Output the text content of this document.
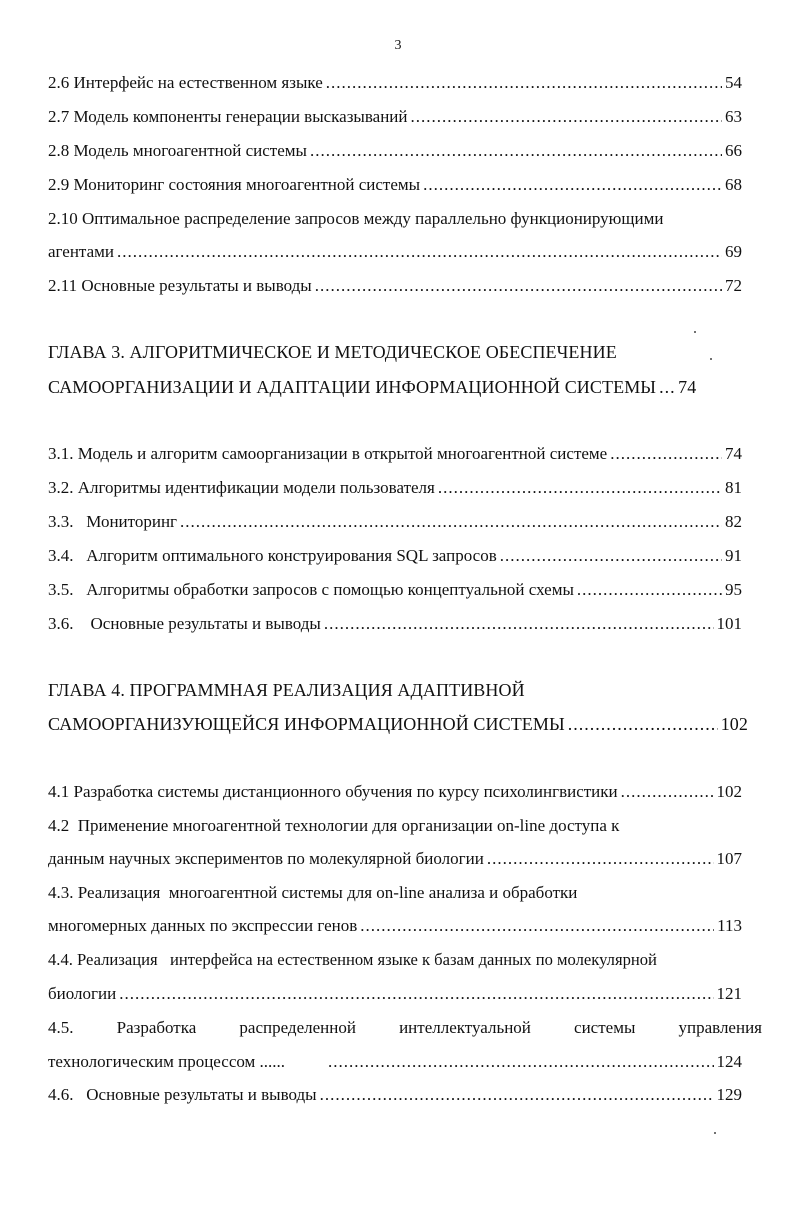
3
2.6 Интерфейс на естественном языке .....	54
2.7 Модель компоненты генерации высказываний .....	63
2.8 Модель многоагентной системы .....	66
2.9 Мониторинг состояния многоагентной системы .....	68
2.10 Оптимальное распределение запросов между параллельно функционирующими
агентами .....	69
2.11 Основные результаты и выводы .....	72
ГЛАВА 3. АЛГОРИТМИЧЕСКОЕ И МЕТОДИЧЕСКОЕ ОБЕСПЕЧЕНИЕ
САМООРГАНИЗАЦИИ И АДАПТАЦИИ ИНФОРМАЦИОННОЙ СИСТЕМЫ ..... 74
3.1. Модель и алгоритм самоорганизации в открытой многоагентной системе .....	74
3.2. Алгоритмы идентификации модели пользователя .....	81
3.3.   Мониторинг .....	82
3.4.   Алгоритм оптимального конструирования SQL запросов .....	91
3.5.   Алгоритмы обработки запросов с помощью концептуальной схемы .....	95
3.6.    Основные результаты и выводы .....	101
ГЛАВА 4. ПРОГРАММНАЯ РЕАЛИЗАЦИЯ АДАПТИВНОЙ
САМООРГАНИЗУЮЩЕЙСЯ ИНФОРМАЦИОННОЙ СИСТЕМЫ .....	102
4.1 Разработка системы дистанционного обучения по курсу психолингвистики .....	102
4.2  Применение многоагентной технологии для организации on-line доступа к
данным научных экспериментов по молекулярной биологии .....	107
4.3. Реализация  многоагентной системы для on-line анализа и обработки
многомерных данных по экспрессии генов .....	113
4.4. Реализация   интерфейса на естественном языке к базам данных по молекулярной
биологии .....	121
4.5.	Разработка	распределенной	интеллектуальной	системы	управления
технологическим процессом ...... .....	124
4.6.   Основные результаты и выводы .....	129
